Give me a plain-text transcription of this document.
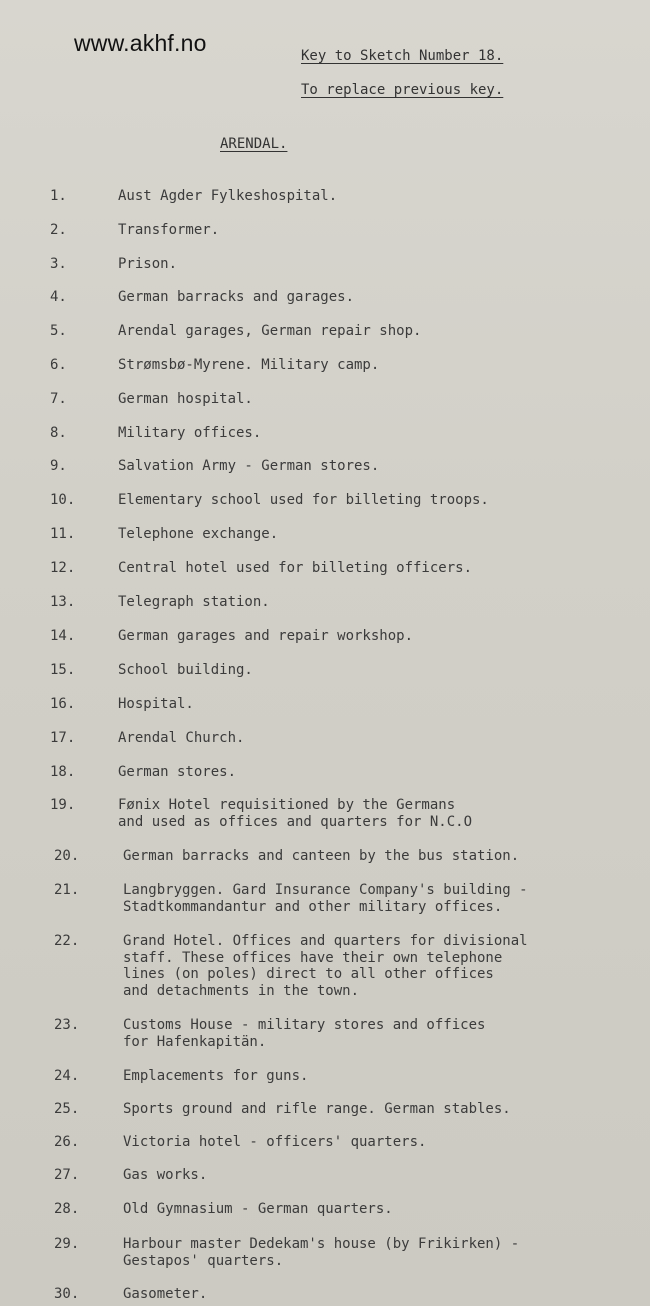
www.akhf.no	Key to Sketch Number 18.
To replace previous key.
ARENDAL.
1.	Aust Agder Fylkeshospital.
2.	Transformer.
3.	Prison.
4.	German barracks and garages.
5.	Arendal garages, German repair shop.
6.	Strømsbø-Myrene. Military camp.
7.	German hospital.
8.	Military offices.
9.	Salvation Army - German stores.
10.	Elementary school used for billeting troops.
11.	Telephone exchange.
12.	Central hotel used for billeting officers.
13.	Telegraph station.
14.	German garages and repair workshop.
15.	School building.
16.	Hospital.
17.	Arendal Church.
18.	German stores.
19.	Fønix Hotel requisitioned by the Germans
and used as offices and quarters for N.C.O
20.	German barracks and canteen by the bus station.
21.	Langbryggen. Gard Insurance Company's building -
Stadtkommandantur and other military offices.
22.	Grand Hotel. Offices and quarters for divisional
staff. These offices have their own telephone
lines (on poles) direct to all other offices
and detachments in the town.
23.	Customs House - military stores and offices
for Hafenkapitän.
24.	Emplacements for guns.
25.	Sports ground and rifle range. German stables.
26.	Victoria hotel - officers' quarters.
27.	Gas works.
28.	Old Gymnasium - German quarters.
29.	Harbour master Dedekam's house (by Frikirken) -
Gestapos' quarters.
30.	Gasometer.
